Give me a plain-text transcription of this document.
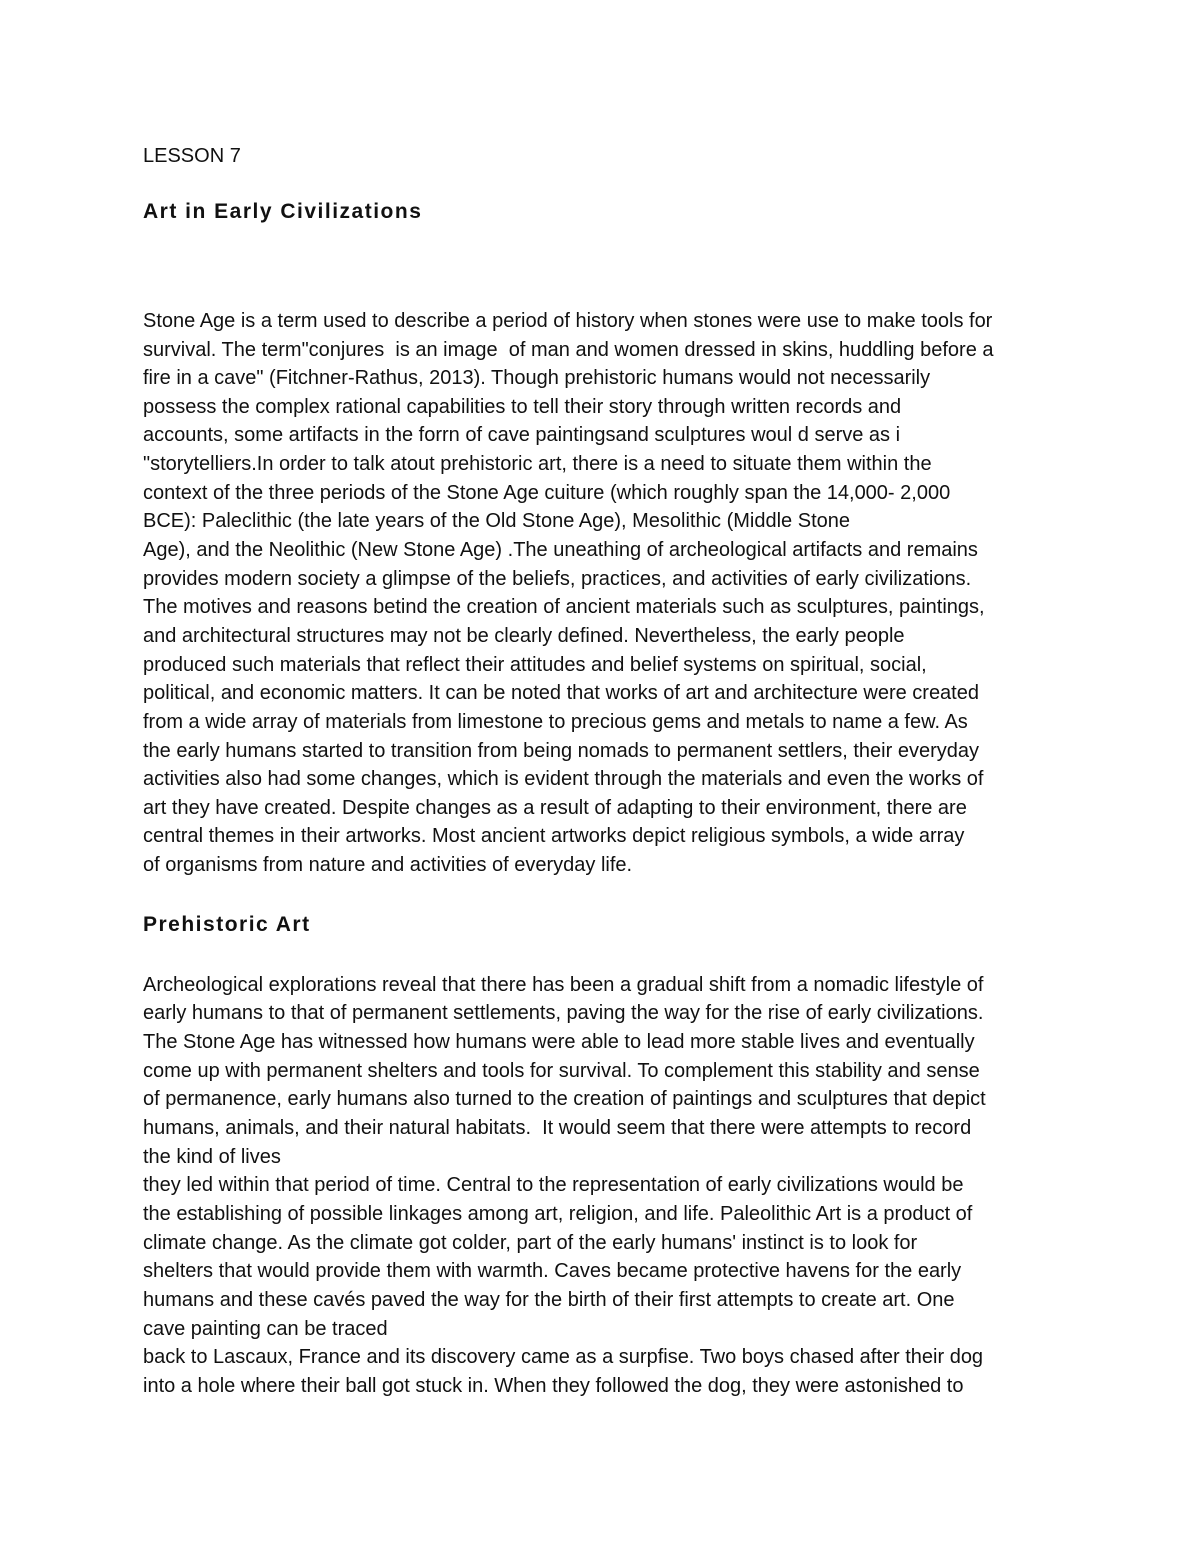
LESSON 7
Art in Early Civilizations
Stone Age is a term used to describe a period of history when stones were use to make tools for
survival. The term"conjures  is an image  of man and women dressed in skins, huddling before a
fire in a cave" (Fitchner-Rathus, 2013). Though prehistoric humans would not necessarily
possess the complex rational capabilities to tell their story through written records and
accounts, some artifacts in the forrn of cave paintingsand sculptures woul d serve as i
"storytelliers.In order to talk atout prehistoric art, there is a need to situate them within the
context of the three periods of the Stone Age cuiture (which roughly span the 14,000- 2,000
BCE): Paleclithic (the late years of the Old Stone Age), Mesolithic (Middle Stone
Age), and the Neolithic (New Stone Age) .The uneathing of archeological artifacts and remains
provides modern society a glimpse of the beliefs, practices, and activities of early civilizations.
The motives and reasons betind the creation of ancient materials such as sculptures, paintings,
and architectural structures may not be clearly defined. Nevertheless, the early people
produced such materials that reflect their attitudes and belief systems on spiritual, social,
political, and economic matters. It can be noted that works of art and architecture were created
from a wide array of materials from limestone to precious gems and metals to name a few. As
the early humans started to transition from being nomads to permanent settlers, their everyday
activities also had some changes, which is evident through the materials and even the works of
art they have created. Despite changes as a result of adapting to their environment, there are
central themes in their artworks. Most ancient artworks depict religious symbols, a wide array
of organisms from nature and activities of everyday life.
Prehistoric Art
Archeological explorations reveal that there has been a gradual shift from a nomadic lifestyle of
early humans to that of permanent settlements, paving the way for the rise of early civilizations.
The Stone Age has witnessed how humans were able to lead more stable lives and eventually
come up with permanent shelters and tools for survival. To complement this stability and sense
of permanence, early humans also turned to the creation of paintings and sculptures that depict
humans, animals, and their natural habitats.  It would seem that there were attempts to record
the kind of lives
they led within that period of time. Central to the representation of early civilizations would be
the establishing of possible linkages among art, religion, and life. Paleolithic Art is a product of
climate change. As the climate got colder, part of the early humans' instinct is to look for
shelters that would provide them with warmth. Caves became protective havens for the early
humans and these cavés paved the way for the birth of their first attempts to create art. One
cave painting can be traced
back to Lascaux, France and its discovery came as a surpfise. Two boys chased after their dog
into a hole where their ball got stuck in. When they followed the dog, they were astonished to
